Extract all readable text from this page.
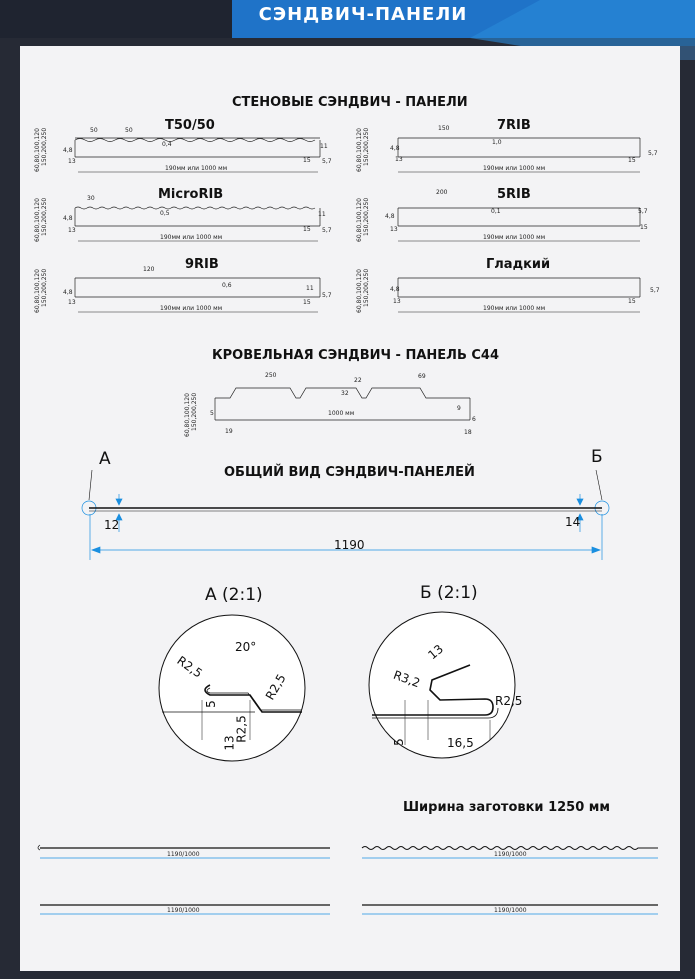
СЭНДВИЧ-ПАНЕЛИ
СТЕНОВЫЕ СЭНДВИЧ - ПАНЕЛИ
T50/50	7RIB
MicroRIB	5RIB
9RIB	Гладкий
60,80,100,120 150,200,250	60,80,100,120 150,200,250
60,80,100,120 150,200,250	60,80,100,120 150,200,250
60,80,100,120 150,200,250	60,80,100,120 150,200,250
50	50
0,4
4,8
13
11
15 5,7
190мм или 1000 мм
150
1,0
4,8
13	15
5,7
190мм или 1000 мм
30
0,5
4,8
13
11
15 5,7
190мм или 1000 мм
200
0,1
4,8
13
5,7
15
190мм или 1000 мм
120
0,6
4,8
13
11
15
5,7
190мм или 1000 мм
4,8
13	15
5,7
190мм или 1000 мм
КРОВЕЛЬНАЯ СЭНДВИЧ - ПАНЕЛЬ С44
60,80,100,120 150,200,250
250
22
32
69
5	1000 мм
9
6
19	18
А	Б
ОБЩИЙ ВИД СЭНДВИЧ-ПАНЕЛЕЙ
12	14
1190
А (2:1)	Б (2:1)
20°
R2,5
R2,5
R2,5
5
13
13
R3,2
R2,5
5	16,5
Ширина заготовки 1250 мм
1190/1000	1190/1000
1190/1000	1190/1000
